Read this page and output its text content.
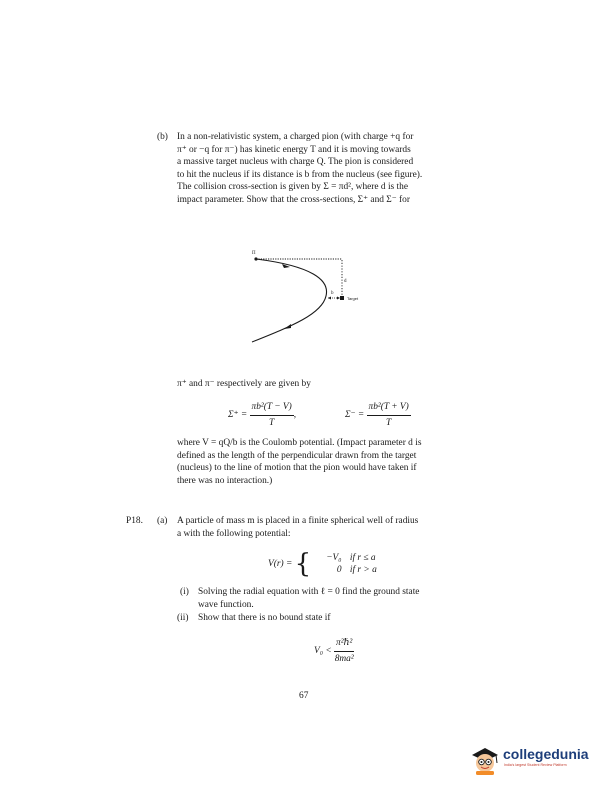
(b) In a non-relativistic system, a charged pion (with charge +q for
π⁺ or −q for π⁻) has kinetic energy T and it is moving towards
a massive target nucleus with charge Q. The pion is considered
to hit the nucleus if its distance is b from the nucleus (see figure).
The collision cross-section is given by Σ = πd², where d is the
impact parameter. Show that the cross-sections, Σ⁺ and Σ⁻ for
Π
d
b
Target
π⁺ and π⁻ respectively are given by
$\Sigma^+ = \frac{\text{πb²(T − V)}}{T}$ ,	$\Sigma^- = \frac{\text{πb²(T + V)}}{T}$
where V = qQ/b is the Coulomb potential. (Impact parameter d is
defined as the length of the perpendicular drawn from the target
(nucleus) to the line of motion that the pion would have taken if
there was no interaction.)
P18. (a) A particle of mass m is placed in a finite spherical well of radius
a with the following potential:
V(r) = {	−V₀ if r ≤ a
0 if r > a
(i) Solving the radial equation with ℓ = 0 find the ground state
wave function.
(ii) Show that there is no bound state if
$V_0 < \frac{\text{π²ℏ²}}{\text{8ma²}}$
67
collegedunia
India's largest Student Review Platform
